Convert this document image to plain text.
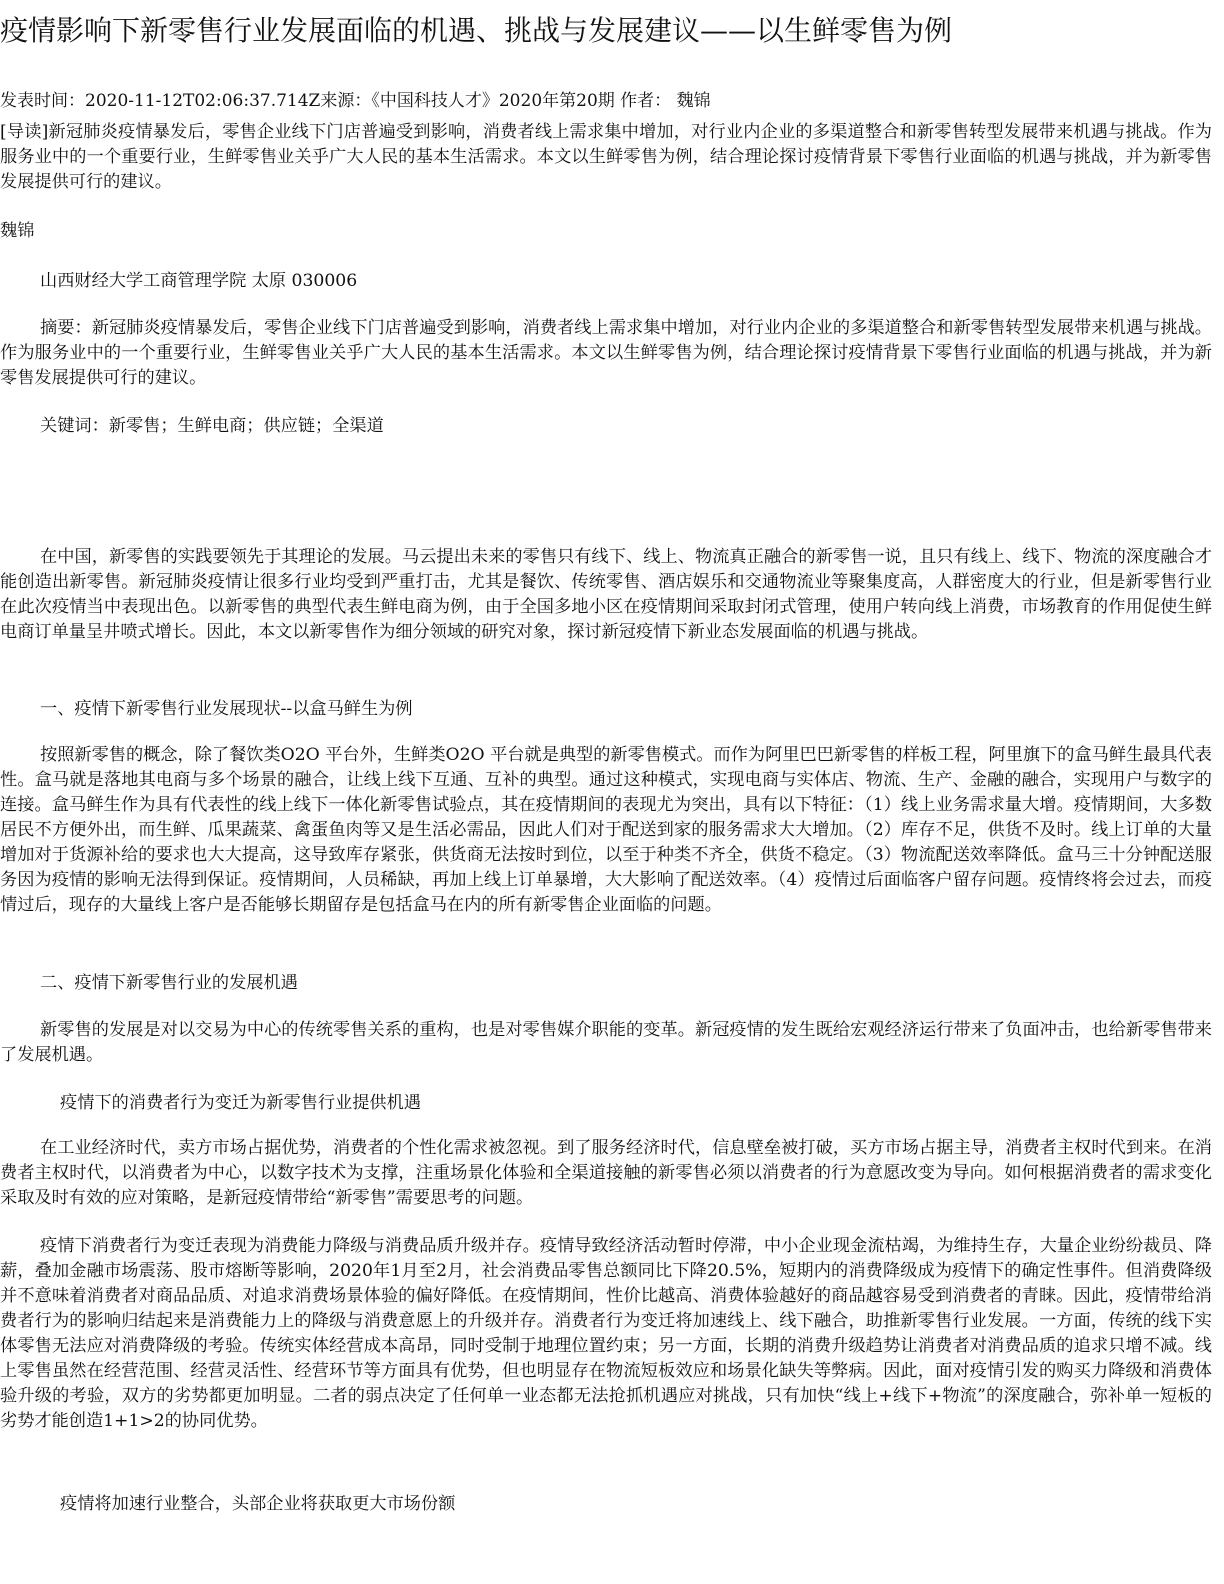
疫情影响下新零售行业发展面临的机遇、挑战与发展建议——以生鲜零售为例
发表时间：2020-11-12T02:06:37.714Z来源：《中国科技人才》2020年第20期 作者： 魏锦

[导读]新冠肺炎疫情暴发后，零售企业线下门店普遍受到影响，消费者线上需求集中增加，对行业内企业的多渠道整合和新零售转型发展带来机遇与挑战。作为服务业中的一个重要行业，生鲜零售业关乎广大人民的基本生活需求。本文以生鲜零售为例，结合理论探讨疫情背景下零售行业面临的机遇与挑战，并为新零售发展提供可行的建议。

魏锦

山西财经大学工商管理学院 太原 030006

摘要：新冠肺炎疫情暴发后，零售企业线下门店普遍受到影响，消费者线上需求集中增加，对行业内企业的多渠道整合和新零售转型发展带来机遇与挑战。作为服务业中的一个重要行业，生鲜零售业关乎广大人民的基本生活需求。本文以生鲜零售为例，结合理论探讨疫情背景下零售行业面临的机遇与挑战，并为新零售发展提供可行的建议。

关键词：新零售；生鲜电商；供应链；全渠道

在中国，新零售的实践要领先于其理论的发展。马云提出未来的零售只有线下、线上、物流真正融合的新零售一说，且只有线上、线下、物流的深度融合才能创造出新零售。新冠肺炎疫情让很多行业均受到严重打击，尤其是餐饮、传统零售、酒店娱乐和交通物流业等聚集度高，人群密度大的行业，但是新零售行业在此次疫情当中表现出色。以新零售的典型代表生鲜电商为例，由于全国多地小区在疫情期间采取封闭式管理，使用户转向线上消费，市场教育的作用促使生鲜电商订单量呈井喷式增长。因此，本文以新零售作为细分领域的研究对象，探讨新冠疫情下新业态发展面临的机遇与挑战。

一、疫情下新零售行业发展现状--以盒马鲜生为例

按照新零售的概念，除了餐饮类O2O 平台外，生鲜类O2O 平台就是典型的新零售模式。而作为阿里巴巴新零售的样板工程，阿里旗下的盒马鲜生最具代表性。盒马就是落地其电商与多个场景的融合，让线上线下互通、互补的典型。通过这种模式，实现电商与实体店、物流、生产、金融的融合，实现用户与数字的连接。盒马鲜生作为具有代表性的线上线下一体化新零售试验点，其在疫情期间的表现尤为突出，具有以下特征：（1）线上业务需求量大增。疫情期间，大多数居民不方便外出，而生鲜、瓜果蔬菜、禽蛋鱼肉等又是生活必需品，因此人们对于配送到家的服务需求大大增加。（2）库存不足，供货不及时。线上订单的大量增加对于货源补给的要求也大大提高，这导致库存紧张，供货商无法按时到位，以至于种类不齐全，供货不稳定。（3）物流配送效率降低。盒马三十分钟配送服务因为疫情的影响无法得到保证。疫情期间，人员稀缺，再加上线上订单暴增，大大影响了配送效率。（4）疫情过后面临客户留存问题。疫情终将会过去，而疫情过后，现存的大量线上客户是否能够长期留存是包括盒马在内的所有新零售企业面临的问题。

二、疫情下新零售行业的发展机遇

新零售的发展是对以交易为中心的传统零售关系的重构，也是对零售媒介职能的变革。新冠疫情的发生既给宏观经济运行带来了负面冲击，也给新零售带来了发展机遇。

疫情下的消费者行为变迁为新零售行业提供机遇

在工业经济时代，卖方市场占据优势，消费者的个性化需求被忽视。到了服务经济时代，信息壁垒被打破，买方市场占据主导，消费者主权时代到来。在消费者主权时代，以消费者为中心，以数字技术为支撑，注重场景化体验和全渠道接触的新零售必须以消费者的行为意愿改变为导向。如何根据消费者的需求变化采取及时有效的应对策略，是新冠疫情带给“新零售”需要思考的问题。

疫情下消费者行为变迁表现为消费能力降级与消费品质升级并存。疫情导致经济活动暂时停滞，中小企业现金流枯竭，为维持生存，大量企业纷纷裁员、降薪，叠加金融市场震荡、股市熔断等影响，2020年1月至2月，社会消费品零售总额同比下降20.5%，短期内的消费降级成为疫情下的确定性事件。但消费降级并不意味着消费者对商品品质、对追求消费场景体验的偏好降低。在疫情期间，性价比越高、消费体验越好的商品越容易受到消费者的青睐。因此，疫情带给消费者行为的影响归结起来是消费能力上的降级与消费意愿上的升级并存。消费者行为变迁将加速线上、线下融合，助推新零售行业发展。一方面，传统的线下实体零售无法应对消费降级的考验。传统实体经营成本高昂，同时受制于地理位置约束；另一方面，长期的消费升级趋势让消费者对消费品质的追求只增不减。线上零售虽然在经营范围、经营灵活性、经营环节等方面具有优势，但也明显存在物流短板效应和场景化缺失等弊病。因此，面对疫情引发的购买力降级和消费体验升级的考验，双方的劣势都更加明显。二者的弱点决定了任何单一业态都无法抢抓机遇应对挑战，只有加快“线上+线下+物流”的深度融合，弥补单一短板的劣势才能创造1+1>2的协同优势。

疫情将加速行业整合，头部企业将获取更大市场份额
